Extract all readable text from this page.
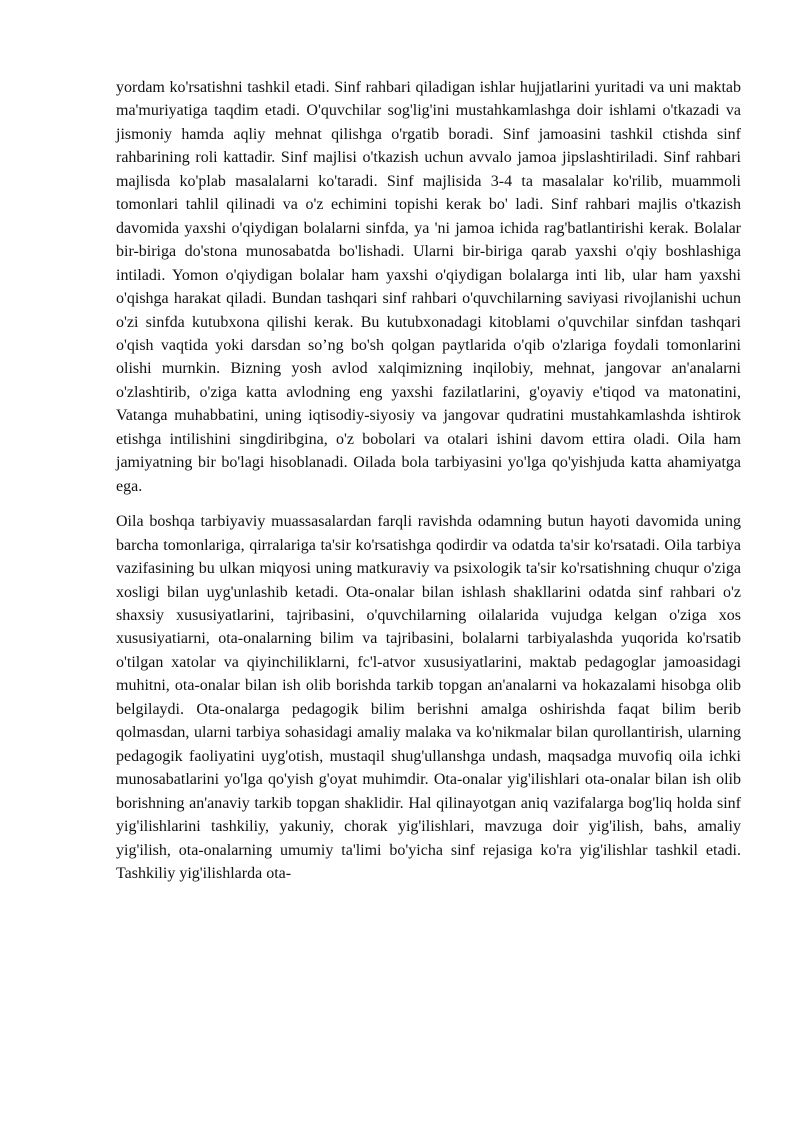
yordam ko'rsatishni tashkil etadi. Sinf rahbari qiladigan ishlar hujjatlarini yuritadi va uni maktab ma'muriyatiga taqdim etadi. O'quvchilar sog'lig'ini mustahkamlashga doir ishlami o'tkazadi va jismoniy hamda aqliy mehnat qilishga o'rgatib boradi. Sinf jamoasini tashkil ctishda sinf rahbarining roli kattadir. Sinf majlisi o'tkazish uchun avvalo jamoa jipslashtiriladi. Sinf rahbari majlisda ko'plab masalalarni ko'taradi. Sinf majlisida 3-4 ta masalalar ko'rilib, muammoli tomonlari tahlil qilinadi va o'z echimini topishi kerak bo' ladi. Sinf rahbari majlis o'tkazish davomida yaxshi o'qiydigan bolalarni sinfda, ya 'ni jamoa ichida rag'batlantirishi kerak. Bolalar bir-biriga do'stona munosabatda bo'lishadi. Ularni bir-biriga qarab yaxshi o'qiy boshlashiga intiladi. Yomon o'qiydigan bolalar ham yaxshi o'qiydigan bolalarga inti lib, ular ham yaxshi o'qishga harakat qiladi. Bundan tashqari sinf rahbari o'quvchilarning saviyasi rivojlanishi uchun o'zi sinfda kutubxona qilishi kerak. Bu kutubxonadagi kitoblami o'quvchilar sinfdan tashqari o'qish vaqtida yoki darsdan so’ng bo'sh qolgan paytlarida o'qib o'zlariga foydali tomonlarini olishi murnkin. Bizning yosh avlod xalqimizning inqilobiy, mehnat, jangovar an'analarni o'zlashtirib, o'ziga katta avlodning eng yaxshi fazilatlarini, g'oyaviy e'tiqod va matonatini, Vatanga muhabbatini, uning iqtisodiy-siyosiy va jangovar qudratini mustahkamlashda ishtirok etishga intilishini singdiribgina, o'z bobolari va otalari ishini davom ettira oladi. Oila ham jamiyatning bir bo'lagi hisoblanadi. Oilada bola tarbiyasini yo'lga qo'yishjuda katta ahamiyatga ega.

Oila boshqa tarbiyaviy muassasalardan farqli ravishda odamning butun hayoti davomida uning barcha tomonlariga, qirralariga ta'sir ko'rsatishga qodirdir va odatda ta'sir ko'rsatadi. Oila tarbiya vazifasining bu ulkan miqyosi uning matkuraviy va psixologik ta'sir ko'rsatishning chuqur o'ziga xosligi bilan uyg'unlashib ketadi. Ota-onalar bilan ishlash shakllarini odatda sinf rahbari o'z shaxsiy xususiyatlarini, tajribasini, o'quvchilarning oilalarida vujudga kelgan o'ziga xos xususiyatiarni, ota-onalarning bilim va tajribasini, bolalarni tarbiyalashda yuqorida ko'rsatib o'tilgan xatolar va qiyinchiliklarni, fc'l-atvor xususiyatlarini, maktab pedagoglar jamoasidagi muhitni, ota-onalar bilan ish olib borishda tarkib topgan an'analarni va hokazalami hisobga olib belgilaydi. Ota-onalarga pedagogik bilim berishni amalga oshirishda faqat bilim berib qolmasdan, ularni tarbiya sohasidagi amaliy malaka va ko'nikmalar bilan qurollantirish, ularning pedagogik faoliyatini uyg'otish, mustaqil shug'ullanshga undash, maqsadga muvofiq oila ichki munosabatlarini yo'lga qo'yish g'oyat muhimdir. Ota-onalar yig'ilishlari ota-onalar bilan ish olib borishning an'anaviy tarkib topgan shaklidir. Hal qilinayotgan aniq vazifalarga bog'liq holda sinf yig'ilishlarini tashkiliy, yakuniy, chorak yig'ilishlari, mavzuga doir yig'ilish, bahs, amaliy yig'ilish, ota-onalarning umumiy ta'limi bo'yicha sinf rejasiga ko'ra yig'ilishlar tashkil etadi. Tashkiliy yig'ilishlarda ota-
